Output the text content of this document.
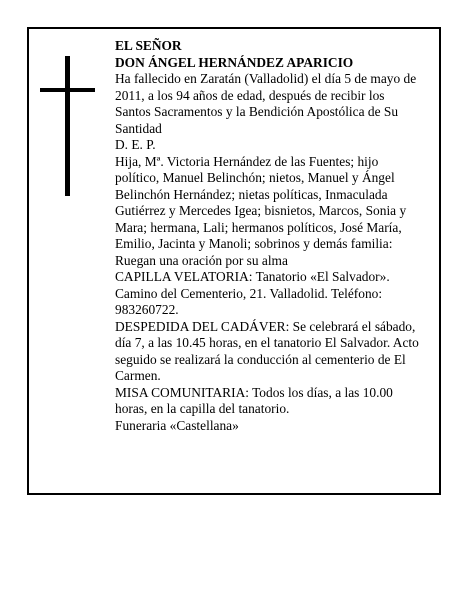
EL SEÑOR

DON ÁNGEL HERNÁNDEZ APARICIO

Ha fallecido en Zaratán (Valladolid) el día 5 de mayo de 2011, a los 94 años de edad, después de recibir los Santos Sacramentos y la Bendición Apostólica de Su Santidad

D. E. P.

Hija, Mª. Victoria Hernández de las Fuentes; hijo político, Manuel Belinchón; nietos, Manuel y Ángel Belinchón Hernández; nietas políticas, Inmaculada Gutiérrez y Mercedes Igea; bisnietos, Marcos, Sonia y Mara; hermana, Lali; hermanos políticos, José María, Emilio, Jacinta y Manoli; sobrinos y demás familia:

Ruegan una oración por su alma

CAPILLA VELATORIA: Tanatorio «El Salvador». Camino del Cementerio, 21. Valladolid. Teléfono: 983260722.

DESPEDIDA DEL CADÁVER: Se celebrará el sábado, día 7, a las 10.45 horas, en el tanatorio El Salvador. Acto seguido se realizará la conducción al cementerio de El Carmen.

MISA COMUNITARIA: Todos los días, a las 10.00 horas, en la capilla del tanatorio.

Funeraria «Castellana»
